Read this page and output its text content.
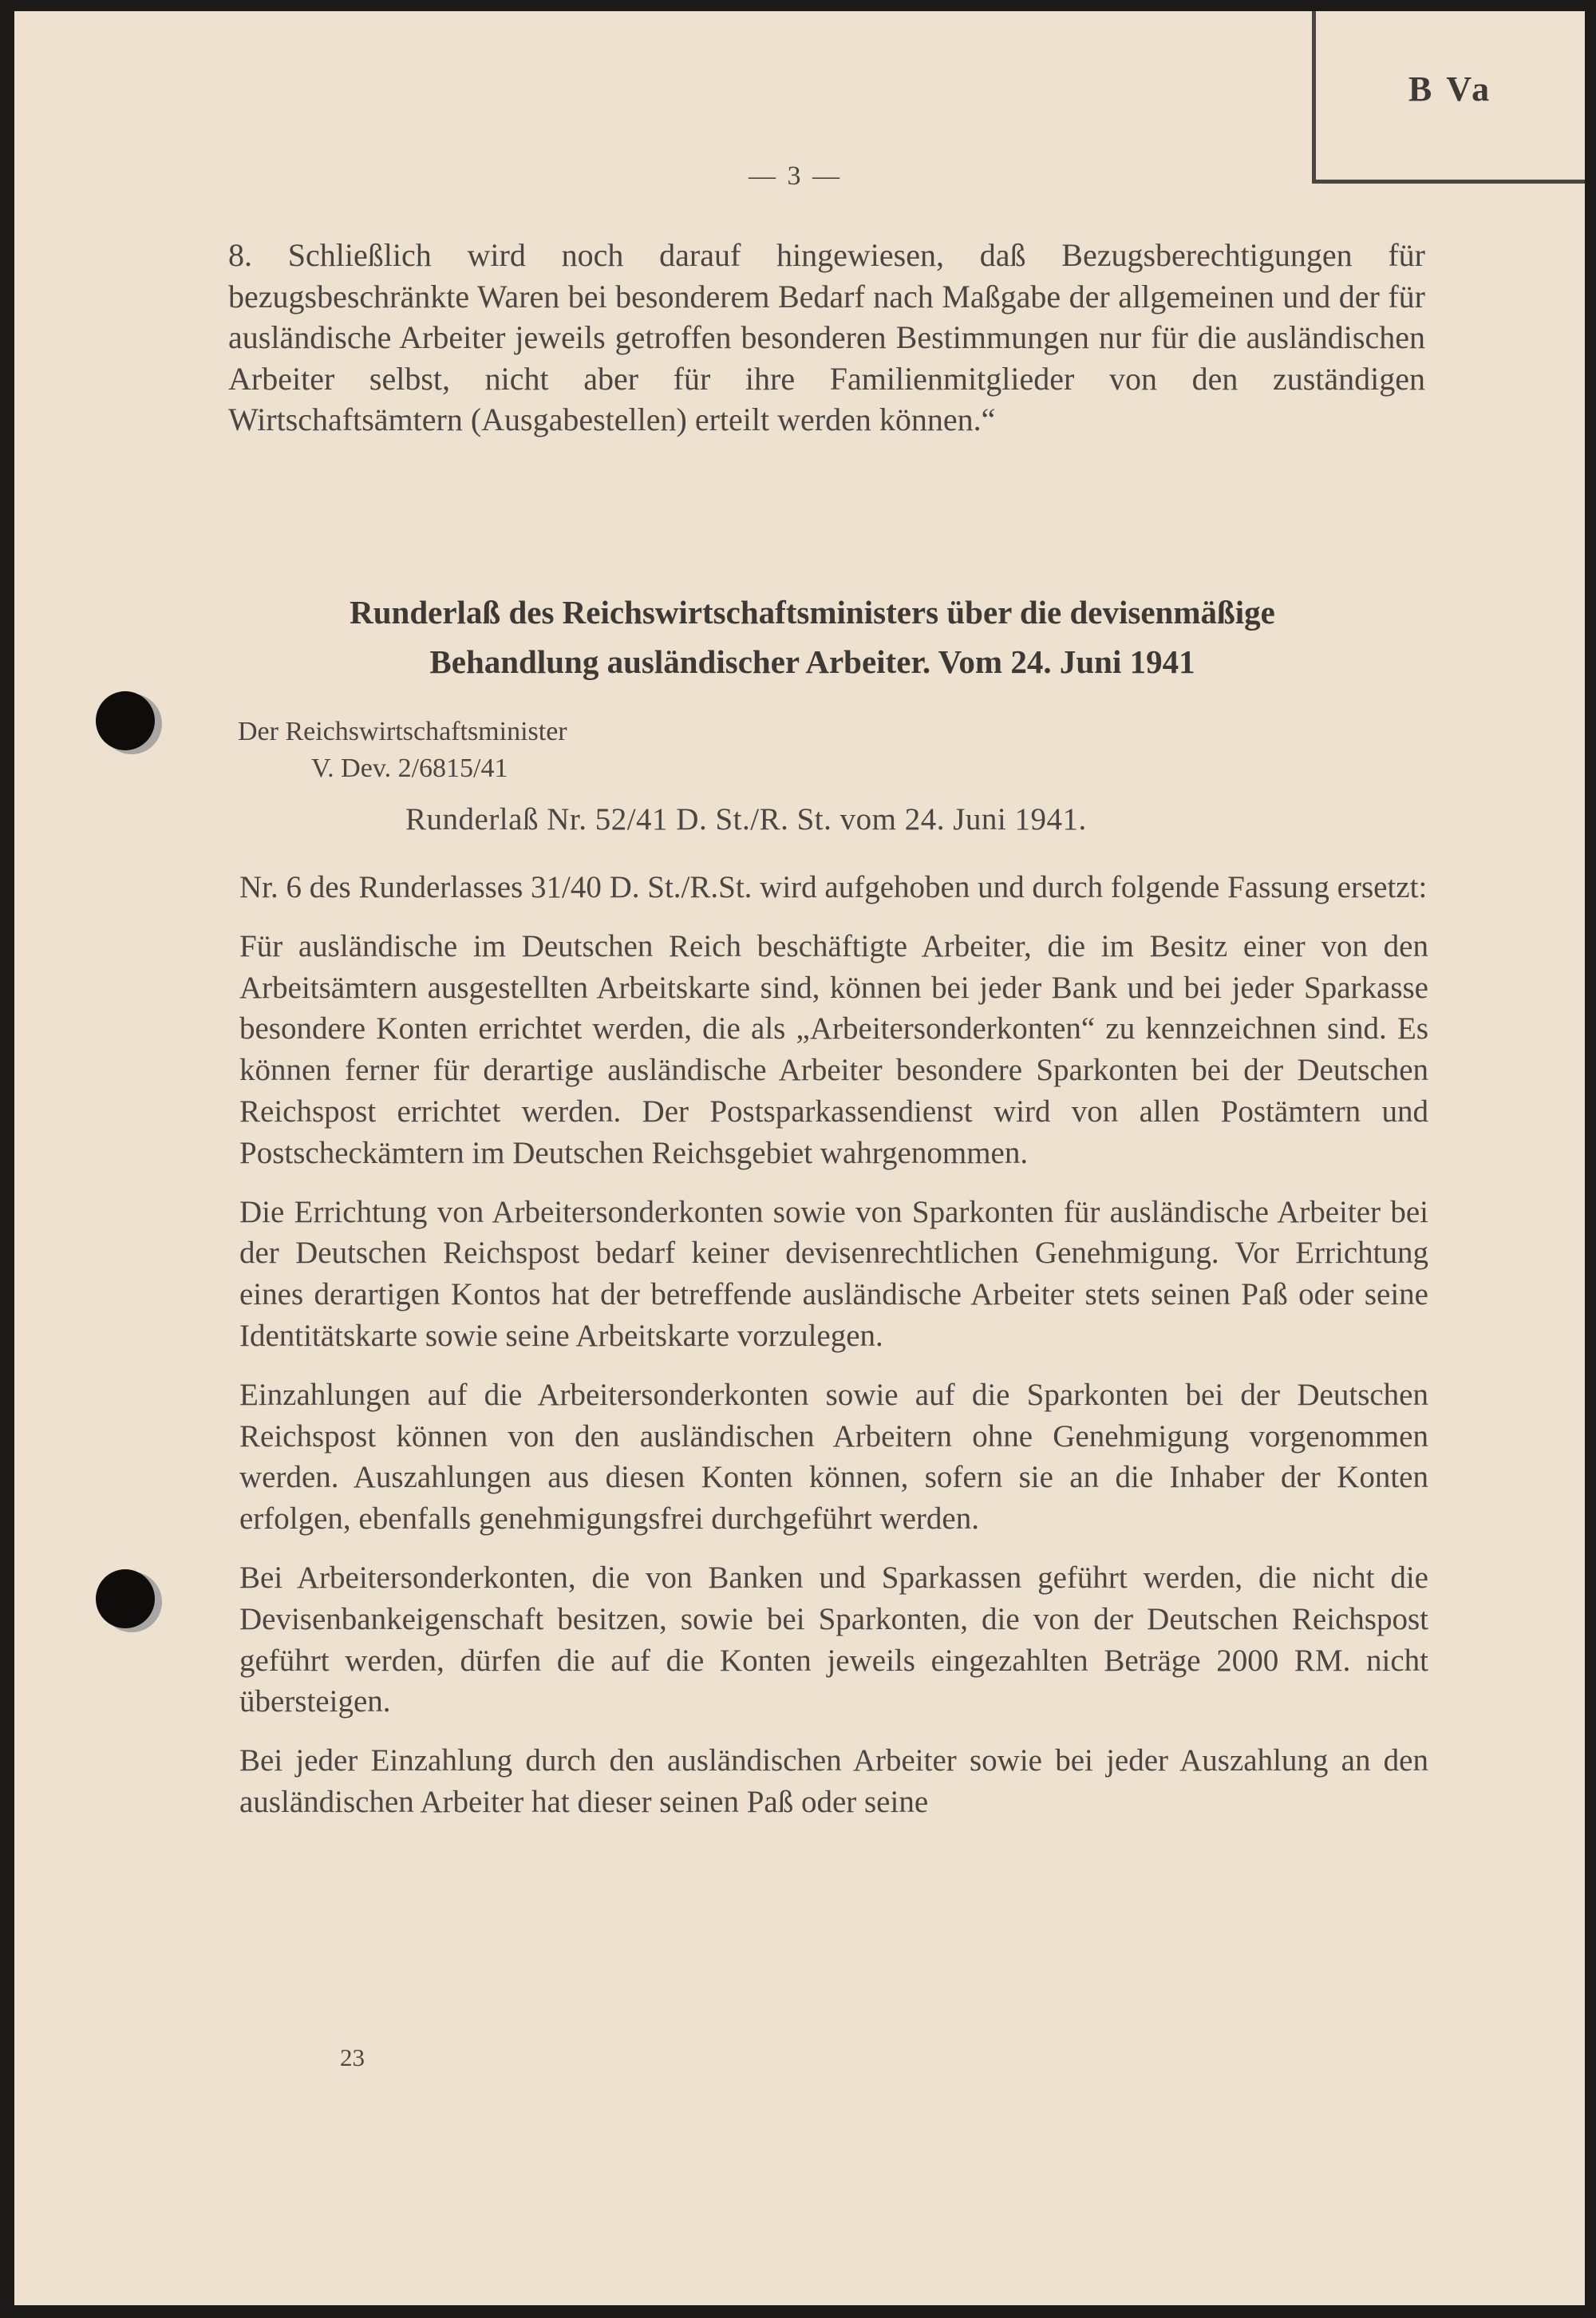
B Va
— 3 —
8. Schließlich wird noch darauf hingewiesen, daß Bezugsberechtigungen für bezugsbeschränkte Waren bei besonderem Bedarf nach Maßgabe der allgemeinen und der für ausländische Arbeiter jeweils getroffen besonderen Bestimmungen nur für die ausländischen Arbeiter selbst, nicht aber für ihre Familienmitglieder von den zuständigen Wirtschaftsämtern (Ausgabestellen) erteilt werden können.“
Runderlaß des Reichswirtschaftsministers über die devisenmäßige
Behandlung ausländischer Arbeiter. Vom 24. Juni 1941
Der Reichswirtschaftsminister
V. Dev. 2/6815/41
Runderlaß Nr. 52/41 D. St./R. St. vom 24. Juni 1941.

Nr. 6 des Runderlasses 31/40 D. St./R.St. wird aufgehoben und durch folgende Fassung ersetzt:

Für ausländische im Deutschen Reich beschäftigte Arbeiter, die im Besitz einer von den Arbeitsämtern ausgestellten Arbeitskarte sind, können bei jeder Bank und bei jeder Sparkasse besondere Konten errichtet werden, die als „Arbeitersonderkonten“ zu kennzeichnen sind. Es können ferner für derartige ausländische Arbeiter besondere Sparkonten bei der Deutschen Reichspost errichtet werden. Der Postsparkassendienst wird von allen Postämtern und Postscheckämtern im Deutschen Reichsgebiet wahrgenommen.

Die Errichtung von Arbeitersonderkonten sowie von Sparkonten für ausländische Arbeiter bei der Deutschen Reichspost bedarf keiner devisenrechtlichen Genehmigung. Vor Errichtung eines derartigen Kontos hat der betreffende ausländische Arbeiter stets seinen Paß oder seine Identitätskarte sowie seine Arbeitskarte vorzulegen.

Einzahlungen auf die Arbeitersonderkonten sowie auf die Sparkonten bei der Deutschen Reichspost können von den ausländischen Arbeitern ohne Genehmigung vorgenommen werden. Auszahlungen aus diesen Konten können, sofern sie an die Inhaber der Konten erfolgen, ebenfalls genehmigungsfrei durchgeführt werden.

Bei Arbeitersonderkonten, die von Banken und Sparkassen geführt werden, die nicht die Devisenbankeigenschaft besitzen, sowie bei Sparkonten, die von der Deutschen Reichspost geführt werden, dürfen die auf die Konten jeweils eingezahlten Beträge 2000 RM. nicht übersteigen.

Bei jeder Einzahlung durch den ausländischen Arbeiter sowie bei jeder Auszahlung an den ausländischen Arbeiter hat dieser seinen Paß oder seine

23
